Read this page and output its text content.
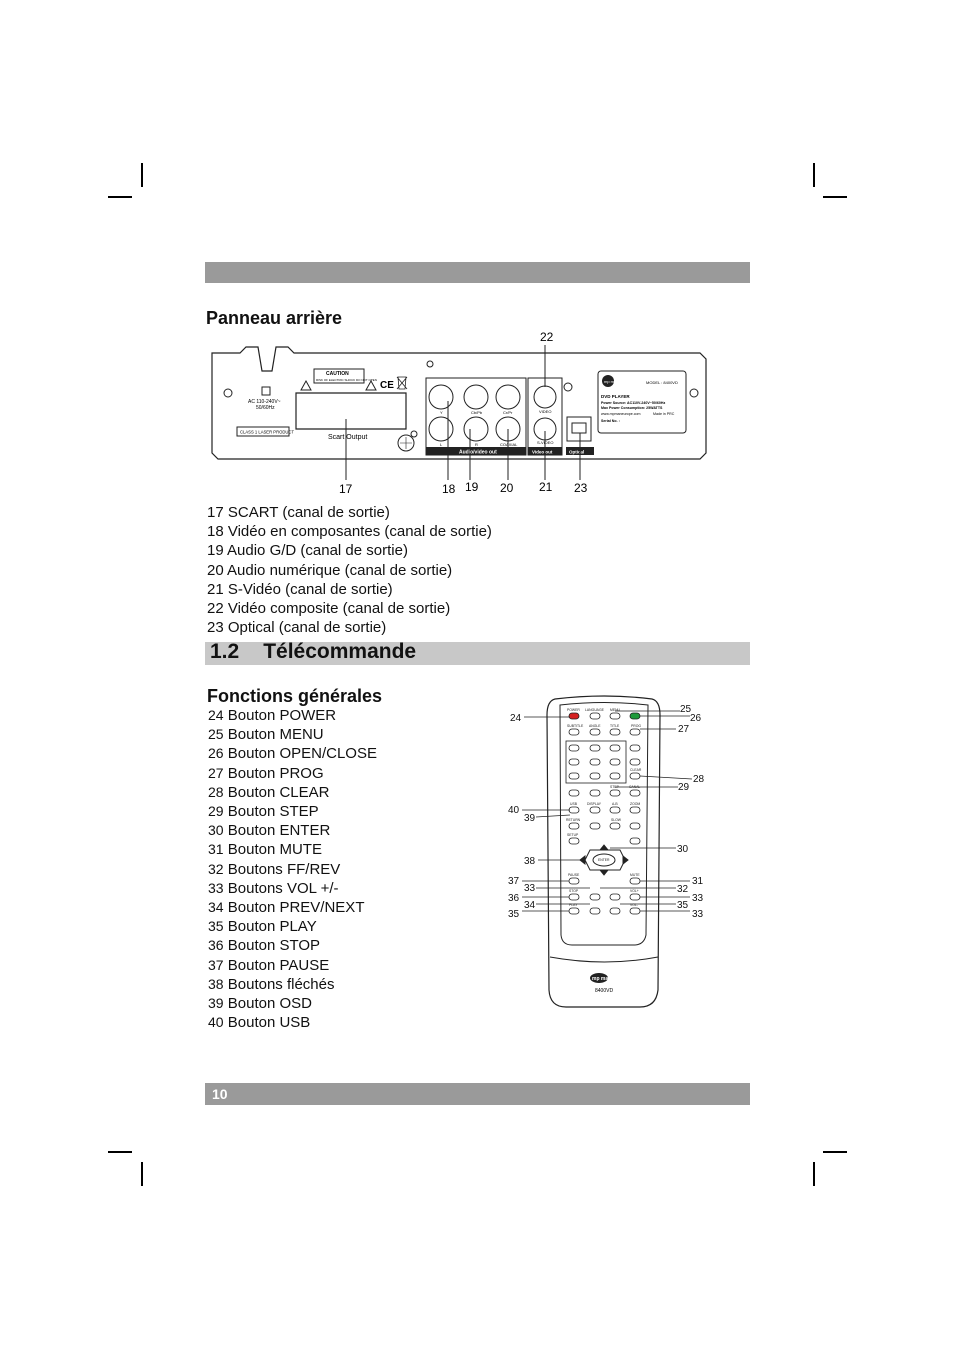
Panneau arrière
AC 110-240V~
50/60Hz
CLASS 1 LASER PRODUCT
CAUTION
RISK OF ELECTRIC SHOCK DO NOT OPEN CE
Scart Output
Y	Cb/Pb	Cr/Pr
L	R	COAXIAL
Audio/video out
VIDEO
S-VIDEO
Video out	Optical
mp man	MODEL : 8400VD
DVD PLAYER
Power Source: AC110V-240V~50/60Hz
Max Power Consumption: 25WATTS
www.mpmaneurope.com	Made in PRC
Serial No. :
22
17	18 19 20 21 23
17 SCART (canal de sortie)
18 Vidéo en composantes (canal de sortie)
19 Audio G/D (canal de sortie)
20 Audio numérique (canal de sortie)
21 S-Vidéo (canal de sortie)
22 Vidéo composite (canal de sortie)
23 Optical (canal de sortie)
1.2 Télécommande
Fonctions générales
24 Bouton POWER
25 Bouton MENU
26 Bouton OPEN/CLOSE
27 Bouton PROG
28 Bouton CLEAR
29 Bouton STEP
30 Bouton ENTER
31 Bouton MUTE
32 Boutons FF/REV
33 Boutons VOL +/-
34 Bouton PREV/NEXT
35 Bouton PLAY
36 Bouton STOP
37 Bouton PAUSE
38 Boutons fléchés
39 Bouton OSD
40 Bouton USB
POWER LANGUAGE MENU
SUBTITLE ANGLE	TITLE	PROG
CLEAR
STEP	CANAL
USB	DISPLAY	A-B	ZOOM
RETURN	SLOW
SETUP
ENTER
PAUSE	MUTE
STOP	VOL+
PLAY	VOL-
mp man
8400VD
24
25
26
27
28
29
30
31
32
33
35
33
37
33
36
34
35
38
39
40
10
